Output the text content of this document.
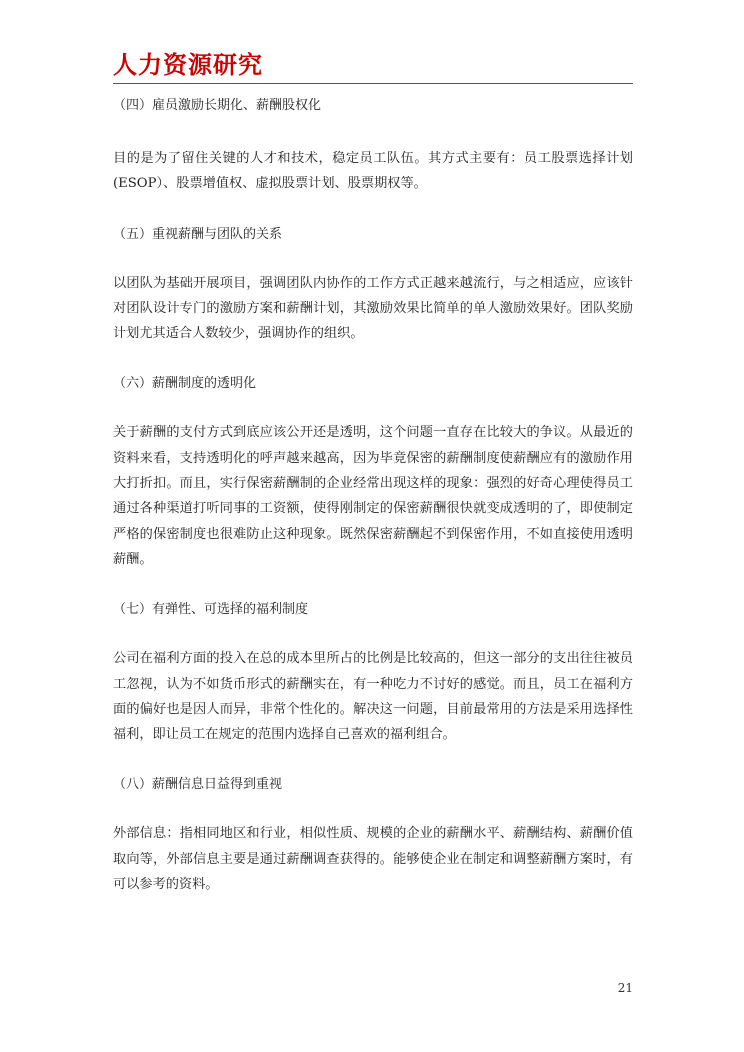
人力资源研究

（四）雇员激励长期化、薪酬股权化

目的是为了留住关键的人才和技术，稳定员工队伍。其方式主要有：员工股票选择计划(ESOP）、股票增值权、虚拟股票计划、股票期权等。

（五）重视薪酬与团队的关系

以团队为基础开展项目，强调团队内协作的工作方式正越来越流行，与之相适应，应该针对团队设计专门的激励方案和薪酬计划，其激励效果比简单的单人激励效果好。团队奖励计划尤其适合人数较少，强调协作的组织。

（六）薪酬制度的透明化

关于薪酬的支付方式到底应该公开还是透明，这个问题一直存在比较大的争议。从最近的资料来看，支持透明化的呼声越来越高，因为毕竟保密的薪酬制度使薪酬应有的激励作用大打折扣。而且，实行保密薪酬制的企业经常出现这样的现象：强烈的好奇心理使得员工通过各种渠道打听同事的工资额，使得刚制定的保密薪酬很快就变成透明的了，即使制定严格的保密制度也很难防止这种现象。既然保密薪酬起不到保密作用，不如直接使用透明薪酬。

（七）有弹性、可选择的福利制度

公司在福利方面的投入在总的成本里所占的比例是比较高的，但这一部分的支出往往被员工忽视，认为不如货币形式的薪酬实在，有一种吃力不讨好的感觉。而且，员工在福利方面的偏好也是因人而异，非常个性化的。解决这一问题，目前最常用的方法是采用选择性福利，即让员工在规定的范围内选择自己喜欢的福利组合。

（八）薪酬信息日益得到重视

外部信息：指相同地区和行业，相似性质、规模的企业的薪酬水平、薪酬结构、薪酬价值取向等，外部信息主要是通过薪酬调查获得的。能够使企业在制定和调整薪酬方案时，有可以参考的资料。

21
